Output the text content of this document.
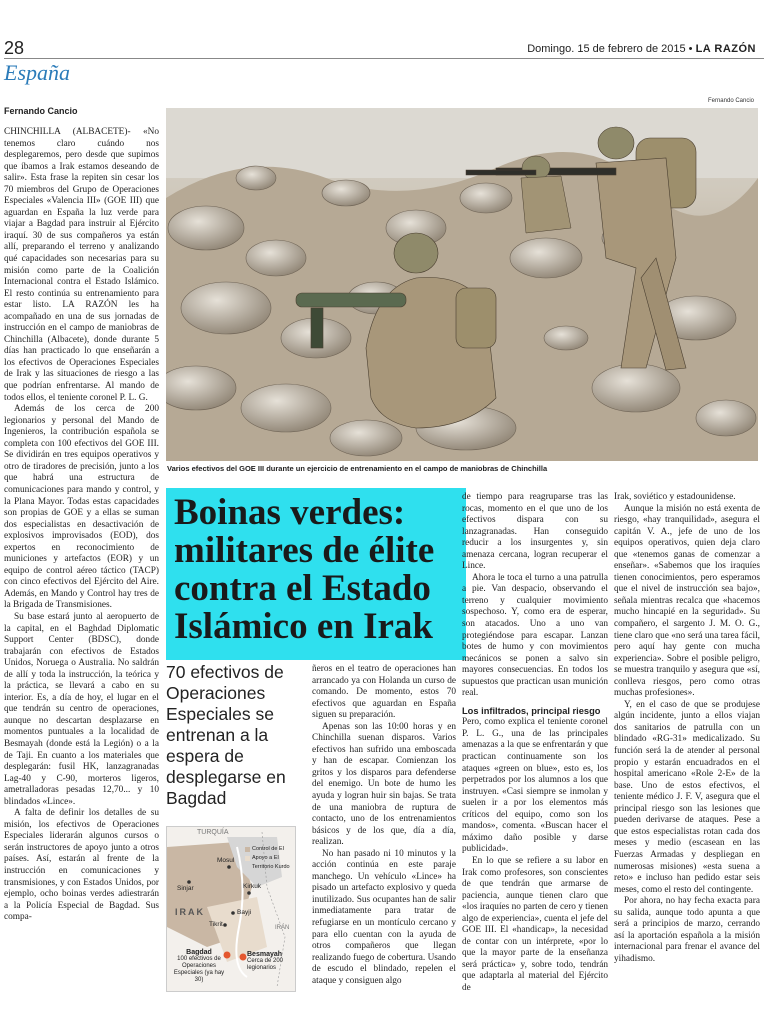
28	Domingo. 15 de febrero de 2015 • LA RAZÓN
España
Fernando Cancio
Fernando Cancio

CHINCHILLA (ALBACETE)- «No tenemos claro cuándo nos desplegaremos, pero desde que supimos que íbamos a Irak estamos deseando de salir». Esta frase la repiten sin cesar los 70 miembros del Grupo de Operaciones Especiales «Valencia III» (GOE III) que aguardan en España la luz verde para viajar a Bagdad para instruir al Ejército iraquí. 30 de sus compañeros ya están allí, preparando el terreno y analizando qué capacidades son necesarias para su misión como parte de la Coalición Internacional contra el Estado Islámico. El resto continúa su entrenamiento para estar listo. LA RAZÓN les ha acompañado en una de sus jornadas de instrucción en el campo de maniobras de Chinchilla (Albacete), donde durante 5 días han practicado lo que enseñarán a los efectivos de Operaciones Especiales de Irak y las situaciones de riesgo a las que podrían enfrentarse. Al mando de todos ellos, el teniente coronel P. L. G.

Además de los cerca de 200 legionarios y personal del Mando de Ingenieros, la contribución española se completa con 100 efectivos del GOE III. Se dividirán en tres equipos operativos y otro de tiradores de precisión, junto a los que habrá una estructura de comunicaciones para mando y control, y la Plana Mayor. Todas estas capacidades son propias de GOE y a ellas se suman dos especialistas en desactivación de explosivos improvisados (EOD), dos expertos en reconocimiento de municiones y artefactos (EOR) y un equipo de control aéreo táctico (TACP) con cinco efectivos del Ejército del Aire. Además, en Mando y Control hay tres de la Brigada de Transmisiones.

Su base estará junto al aeropuerto de la capital, en el Baghdad Diplomatic Support Center (BDSC), donde trabajarán con efectivos de Estados Unidos, Noruega o Australia. No saldrán de allí y toda la instrucción, la teórica y la práctica, se llevará a cabo en su interior. Es, a día de hoy, el lugar en el que tendrán su centro de operaciones, aunque no descartan desplazarse en momentos puntuales a la localidad de Besmayah (donde está la Legión) o a la de Taji. En cuanto a los materiales que desplegarán: fusil HK, lanzagranadas Lag-40 y C-90, morteros ligeros, ametralladoras pesadas 12,70... y 10 blindados «Lince».

A falta de definir los detalles de su misión, los efectivos de Operaciones Especiales liderarán algunos cursos o serán instructores de apoyo junto a otros países. Así, estarán al frente de la instrucción en comunicaciones y transmisiones, y con Estados Unidos, por ejemplo, ocho boinas verdes adiestrarán a la Policía Especial de Bagdad. Sus compa-

Varios efectivos del GOE III durante un ejercicio de entrenamiento en el campo de maniobras de Chinchilla
Boinas verdes: militares de élite contra el Estado Islámico en Irak
70 efectivos de Operaciones Especiales se entrenan a la espera de desplegarse en Bagdad
TURQUÍA
Control de EI
Apoyo a EI
Territorio Kurdo
Mosul
Sinjar	Kirkuk
Bayji
Tikrit
IRAK
IRÁN
Bagdad
100 efectivos de Operaciones Especiales (ya hay 30)
Besmayah
Cerca de 200 legionarios

ñeros en el teatro de operaciones han arrancado ya con Holanda un curso de comando. De momento, estos 70 efectivos que aguardan en España siguen su preparación.

Apenas son las 10:00 horas y en Chinchilla suenan disparos. Varios efectivos han sufrido una emboscada y han de escapar. Comienzan los gritos y los disparos para defenderse del enemigo. Un bote de humo les ayuda y logran huir sin bajas. Se trata de una maniobra de ruptura de contacto, uno de los entrenamientos básicos y de los que, día a día, realizan.

No han pasado ni 10 minutos y la acción continúa en este paraje manchego. Un vehículo «Lince» ha pisado un artefacto explosivo y queda inutilizado. Sus ocupantes han de salir inmediatamente para tratar de refugiarse en un montículo cercano y para ello cuentan con la ayuda de otros compañeros que llegan realizando fuego de cobertura. Usando de escudo el blindado, repelen el ataque y consiguen algo

de tiempo para reagruparse tras las rocas, momento en el que uno de los efectivos dispara con su lanzagranadas. Han conseguido reducir a los insurgentes y, sin amenaza cercana, logran recuperar el Lince.

Ahora le toca el turno a una patrulla a pie. Van despacio, observando el terreno y cualquier movimiento sospechoso. Y, como era de esperar, son atacados. Uno a uno van protegiéndose para escapar. Lanzan botes de humo y con movimientos mecánicos se ponen a salvo sin mayores consecuencias. En todos los supuestos que practican usan munición real.

Los infiltrados, principal riesgo

Pero, como explica el teniente coronel P. L. G., una de las principales amenazas a la que se enfrentarán y que practican continuamente son los ataques «green on blue», esto es, los perpetrados por los alumnos a los que instruyen. «Casi siempre se inmolan y suelen ir a por los elementos más críticos del equipo, como son los mandos», comenta. «Buscan hacer el máximo daño posible y darse publicidad».

En lo que se refiere a su labor en Irak como profesores, son conscientes de que tendrán que armarse de paciencia, aunque tienen claro que «los iraquíes no parten de cero y tienen algo de experiencia», cuenta el jefe del GOE III. El «handicap», la necesidad de contar con un intérprete, «por lo que la mayor parte de la enseñanza será práctica» y, sobre todo, tendrán que adaptarla al material del Ejército de

Irak, soviético y estadounidense.

Aunque la misión no está exenta de riesgo, «hay tranquilidad», asegura el capitán V. A., jefe de uno de los equipos operativos, quien deja claro que «tenemos ganas de comenzar a enseñar». «Sabemos que los iraquíes tienen conocimientos, pero esperamos que el nivel de instrucción sea bajo», señala mientras recalca que «hacemos mucho hincapié en la seguridad». Su compañero, el sargento J. M. O. G., tiene claro que «no será una tarea fácil, pero aquí hay gente con mucha experiencia». Sobre el posible peligro, se muestra tranquilo y asegura que «sí, conlleva riesgos, pero como otras muchas profesiones».

Y, en el caso de que se produjese algún incidente, junto a ellos viajan dos sanitarios de patrulla con un blindado «RG-31» medicalizado. Su función será la de atender al personal propio y estarán encuadrados en el hospital americano «Role 2-E» de la base. Uno de estos efectivos, el teniente médico J. F. V, asegura que el principal riesgo son las lesiones que pueden derivarse de ataques. Pese a que estos especialistas rotan cada dos meses y medio (escasean en las Fuerzas Armadas y despliegan en numerosas misiones) «esta suena a reto» e incluso han pedido estar seis meses, como el resto del contingente.

Por ahora, no hay fecha exacta para su salida, aunque todo apunta a que será a principios de marzo, cerrando así la aportación española a la misión internacional para frenar el avance del yihadismo.
